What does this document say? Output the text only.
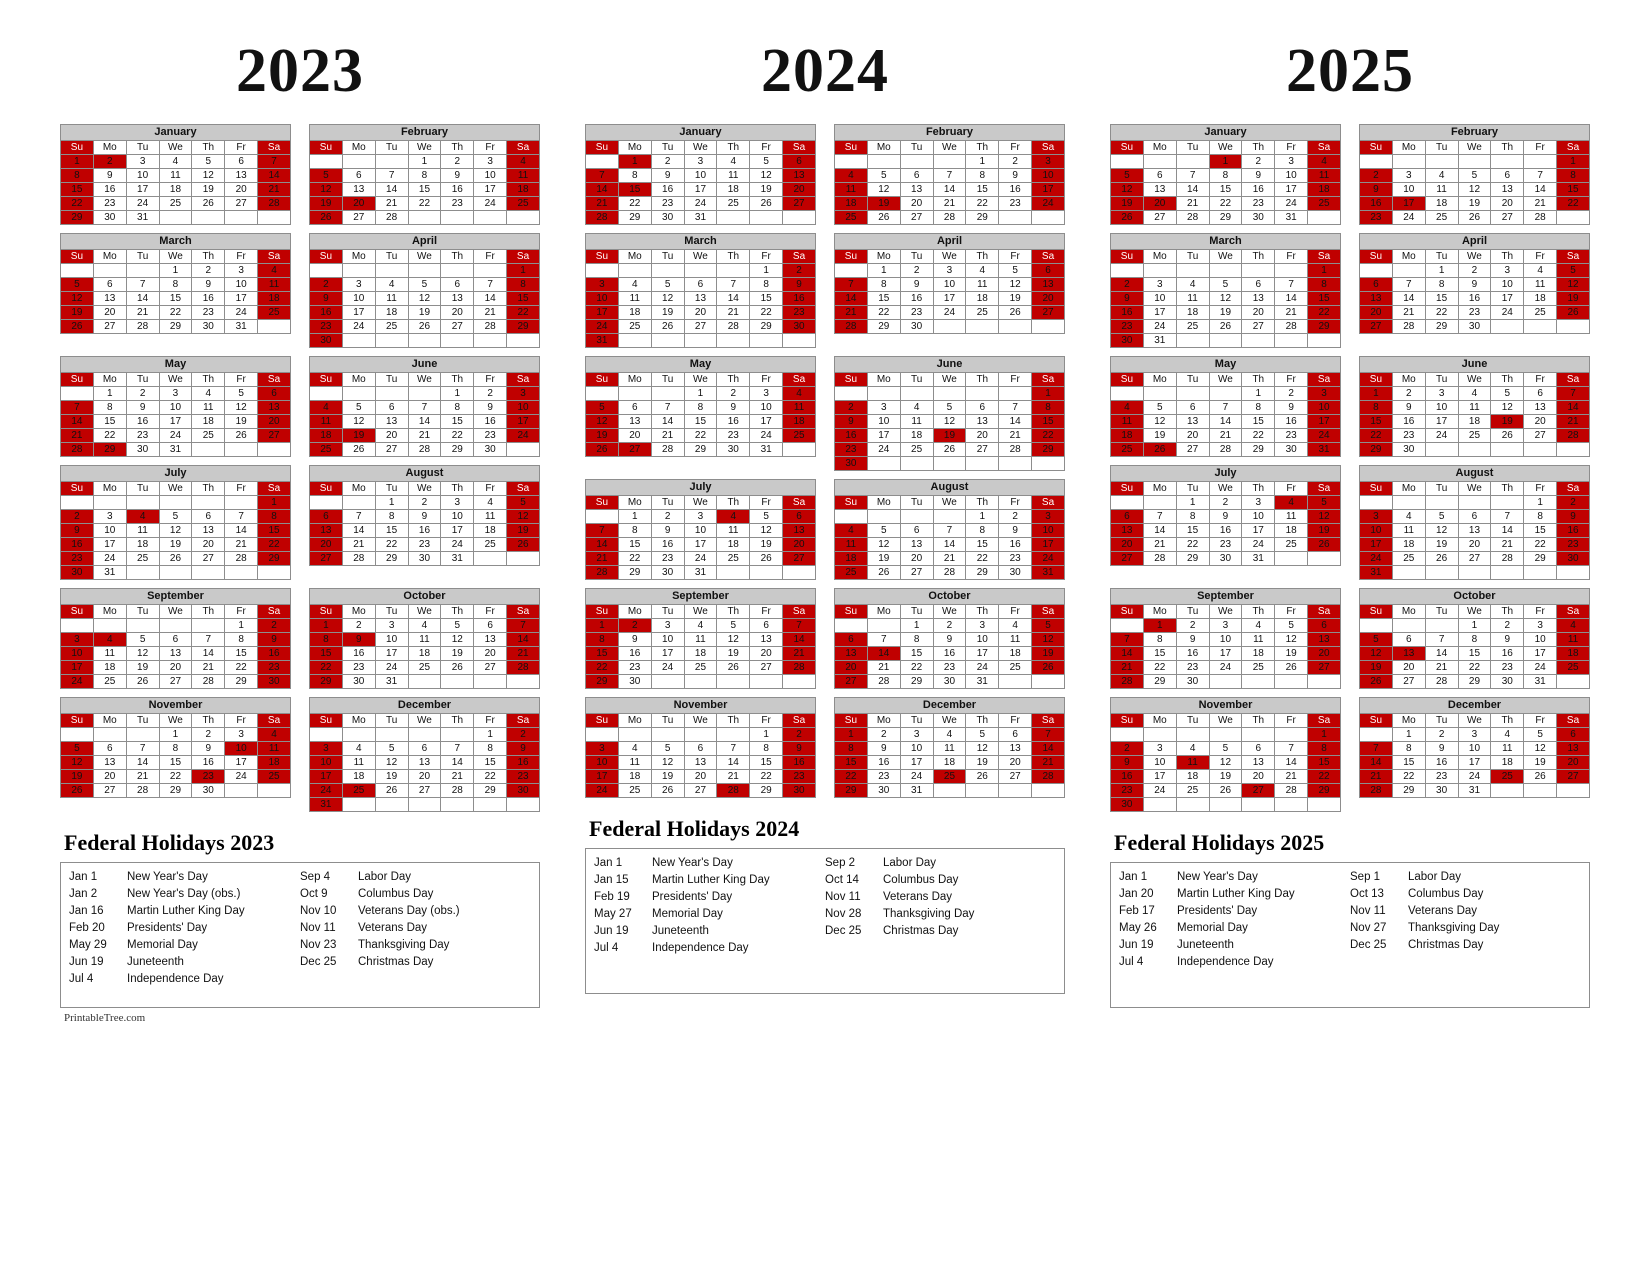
2023
January
Su	Mo	Tu	We	Th	Fr	Sa
1	2	3	4	5	6	7
8	9	10	11	12	13	14
15	16	17	18	19	20	21
22	23	24	25	26	27	28
29	30	31				
February
Su	Mo	Tu	We	Th	Fr	Sa
			1	2	3	4
5	6	7	8	9	10	11
12	13	14	15	16	17	18
19	20	21	22	23	24	25
26	27	28				
March
Su	Mo	Tu	We	Th	Fr	Sa
			1	2	3	4
5	6	7	8	9	10	11
12	13	14	15	16	17	18
19	20	21	22	23	24	25
26	27	28	29	30	31	
April
Su	Mo	Tu	We	Th	Fr	Sa
						1
2	3	4	5	6	7	8
9	10	11	12	13	14	15
16	17	18	19	20	21	22
23	24	25	26	27	28	29
30						
May
Su	Mo	Tu	We	Th	Fr	Sa
	1	2	3	4	5	6
7	8	9	10	11	12	13
14	15	16	17	18	19	20
21	22	23	24	25	26	27
28	29	30	31			
June
Su	Mo	Tu	We	Th	Fr	Sa
				1	2	3
4	5	6	7	8	9	10
11	12	13	14	15	16	17
18	19	20	21	22	23	24
25	26	27	28	29	30	
July
Su	Mo	Tu	We	Th	Fr	Sa
						1
2	3	4	5	6	7	8
9	10	11	12	13	14	15
16	17	18	19	20	21	22
23	24	25	26	27	28	29
30	31					
August
Su	Mo	Tu	We	Th	Fr	Sa
		1	2	3	4	5
6	7	8	9	10	11	12
13	14	15	16	17	18	19
20	21	22	23	24	25	26
27	28	29	30	31		
September
Su	Mo	Tu	We	Th	Fr	Sa
					1	2
3	4	5	6	7	8	9
10	11	12	13	14	15	16
17	18	19	20	21	22	23
24	25	26	27	28	29	30
October
Su	Mo	Tu	We	Th	Fr	Sa
1	2	3	4	5	6	7
8	9	10	11	12	13	14
15	16	17	18	19	20	21
22	23	24	25	26	27	28
29	30	31				
November
Su	Mo	Tu	We	Th	Fr	Sa
			1	2	3	4
5	6	7	8	9	10	11
12	13	14	15	16	17	18
19	20	21	22	23	24	25
26	27	28	29	30		
December
Su	Mo	Tu	We	Th	Fr	Sa
					1	2
3	4	5	6	7	8	9
10	11	12	13	14	15	16
17	18	19	20	21	22	23
24	25	26	27	28	29	30
31						
Federal Holidays 2023
Jan 1	New Year's Day
Jan 2	New Year's Day (obs.)
Jan 16	Martin Luther King Day
Feb 20	Presidents' Day
May 29	Memorial Day
Jun 19	Juneteenth
Jul 4	Independence Day
Sep 4	Labor Day
Oct 9	Columbus Day
Nov 10	Veterans Day (obs.)
Nov 11	Veterans Day
Nov 23	Thanksgiving Day
Dec 25	Christmas Day
PrintableTree.com
2024
January
Su	Mo	Tu	We	Th	Fr	Sa
	1	2	3	4	5	6
7	8	9	10	11	12	13
14	15	16	17	18	19	20
21	22	23	24	25	26	27
28	29	30	31			
February
Su	Mo	Tu	We	Th	Fr	Sa
				1	2	3
4	5	6	7	8	9	10
11	12	13	14	15	16	17
18	19	20	21	22	23	24
25	26	27	28	29		
March
Su	Mo	Tu	We	Th	Fr	Sa
					1	2
3	4	5	6	7	8	9
10	11	12	13	14	15	16
17	18	19	20	21	22	23
24	25	26	27	28	29	30
31						
April
Su	Mo	Tu	We	Th	Fr	Sa
	1	2	3	4	5	6
7	8	9	10	11	12	13
14	15	16	17	18	19	20
21	22	23	24	25	26	27
28	29	30				
May
Su	Mo	Tu	We	Th	Fr	Sa
			1	2	3	4
5	6	7	8	9	10	11
12	13	14	15	16	17	18
19	20	21	22	23	24	25
26	27	28	29	30	31	
June
Su	Mo	Tu	We	Th	Fr	Sa
						1
2	3	4	5	6	7	8
9	10	11	12	13	14	15
16	17	18	19	20	21	22
23	24	25	26	27	28	29
30						
July
Su	Mo	Tu	We	Th	Fr	Sa
	1	2	3	4	5	6
7	8	9	10	11	12	13
14	15	16	17	18	19	20
21	22	23	24	25	26	27
28	29	30	31			
August
Su	Mo	Tu	We	Th	Fr	Sa
				1	2	3
4	5	6	7	8	9	10
11	12	13	14	15	16	17
18	19	20	21	22	23	24
25	26	27	28	29	30	31
September
Su	Mo	Tu	We	Th	Fr	Sa
1	2	3	4	5	6	7
8	9	10	11	12	13	14
15	16	17	18	19	20	21
22	23	24	25	26	27	28
29	30					
October
Su	Mo	Tu	We	Th	Fr	Sa
		1	2	3	4	5
6	7	8	9	10	11	12
13	14	15	16	17	18	19
20	21	22	23	24	25	26
27	28	29	30	31		
November
Su	Mo	Tu	We	Th	Fr	Sa
					1	2
3	4	5	6	7	8	9
10	11	12	13	14	15	16
17	18	19	20	21	22	23
24	25	26	27	28	29	30
December
Su	Mo	Tu	We	Th	Fr	Sa
1	2	3	4	5	6	7
8	9	10	11	12	13	14
15	16	17	18	19	20	21
22	23	24	25	26	27	28
29	30	31				
Federal Holidays 2024
Jan 1	New Year's Day
Jan 15	Martin Luther King Day
Feb 19	Presidents' Day
May 27	Memorial Day
Jun 19	Juneteenth
Jul 4	Independence Day
Sep 2	Labor Day
Oct 14	Columbus Day
Nov 11	Veterans Day
Nov 28	Thanksgiving Day
Dec 25	Christmas Day
2025
January
Su	Mo	Tu	We	Th	Fr	Sa
			1	2	3	4
5	6	7	8	9	10	11
12	13	14	15	16	17	18
19	20	21	22	23	24	25
26	27	28	29	30	31	
February
Su	Mo	Tu	We	Th	Fr	Sa
						1
2	3	4	5	6	7	8
9	10	11	12	13	14	15
16	17	18	19	20	21	22
23	24	25	26	27	28	
March
Su	Mo	Tu	We	Th	Fr	Sa
						1
2	3	4	5	6	7	8
9	10	11	12	13	14	15
16	17	18	19	20	21	22
23	24	25	26	27	28	29
30	31					
April
Su	Mo	Tu	We	Th	Fr	Sa
		1	2	3	4	5
6	7	8	9	10	11	12
13	14	15	16	17	18	19
20	21	22	23	24	25	26
27	28	29	30			
May
Su	Mo	Tu	We	Th	Fr	Sa
				1	2	3
4	5	6	7	8	9	10
11	12	13	14	15	16	17
18	19	20	21	22	23	24
25	26	27	28	29	30	31
June
Su	Mo	Tu	We	Th	Fr	Sa
1	2	3	4	5	6	7
8	9	10	11	12	13	14
15	16	17	18	19	20	21
22	23	24	25	26	27	28
29	30					
July
Su	Mo	Tu	We	Th	Fr	Sa
		1	2	3	4	5
6	7	8	9	10	11	12
13	14	15	16	17	18	19
20	21	22	23	24	25	26
27	28	29	30	31		
August
Su	Mo	Tu	We	Th	Fr	Sa
					1	2
3	4	5	6	7	8	9
10	11	12	13	14	15	16
17	18	19	20	21	22	23
24	25	26	27	28	29	30
31						
September
Su	Mo	Tu	We	Th	Fr	Sa
	1	2	3	4	5	6
7	8	9	10	11	12	13
14	15	16	17	18	19	20
21	22	23	24	25	26	27
28	29	30				
October
Su	Mo	Tu	We	Th	Fr	Sa
			1	2	3	4
5	6	7	8	9	10	11
12	13	14	15	16	17	18
19	20	21	22	23	24	25
26	27	28	29	30	31	
November
Su	Mo	Tu	We	Th	Fr	Sa
						1
2	3	4	5	6	7	8
9	10	11	12	13	14	15
16	17	18	19	20	21	22
23	24	25	26	27	28	29
30						
December
Su	Mo	Tu	We	Th	Fr	Sa
	1	2	3	4	5	6
7	8	9	10	11	12	13
14	15	16	17	18	19	20
21	22	23	24	25	26	27
28	29	30	31			
Federal Holidays 2025
Jan 1	New Year's Day
Jan 20	Martin Luther King Day
Feb 17	Presidents' Day
May 26	Memorial Day
Jun 19	Juneteenth
Jul 4	Independence Day
Sep 1	Labor Day
Oct 13	Columbus Day
Nov 11	Veterans Day
Nov 27	Thanksgiving Day
Dec 25	Christmas Day
